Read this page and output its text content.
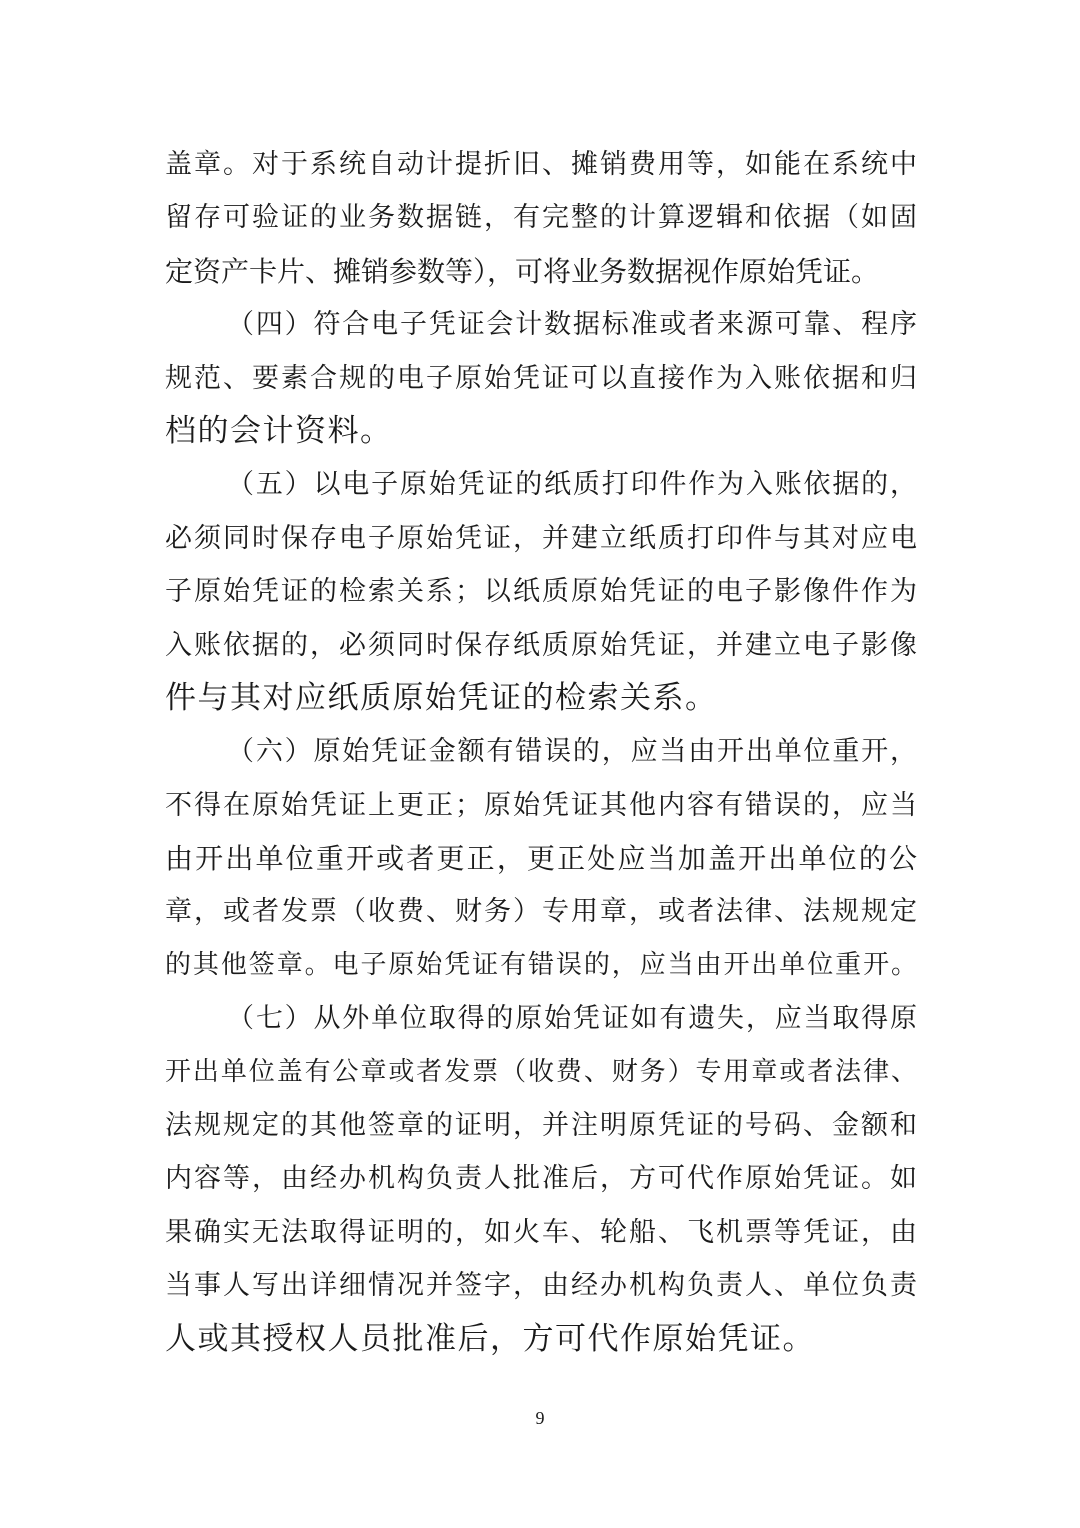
盖章。对于系统自动计提折旧、摊销费用等，如能在系统中
留存可验证的业务数据链，有完整的计算逻辑和依据（如固
定资产卡片、摊销参数等），可将业务数据视作原始凭证。
（四）符合电子凭证会计数据标准或者来源可靠、程序
规范、要素合规的电子原始凭证可以直接作为入账依据和归
档的会计资料。
（五）以电子原始凭证的纸质打印件作为入账依据的，
必须同时保存电子原始凭证，并建立纸质打印件与其对应电
子原始凭证的检索关系；以纸质原始凭证的电子影像件作为
入账依据的，必须同时保存纸质原始凭证，并建立电子影像
件与其对应纸质原始凭证的检索关系。
（六）原始凭证金额有错误的，应当由开出单位重开，
不得在原始凭证上更正；原始凭证其他内容有错误的，应当
由开出单位重开或者更正，更正处应当加盖开出单位的公
章，或者发票（收费、财务）专用章，或者法律、法规规定
的其他签章。电子原始凭证有错误的，应当由开出单位重开。
（七）从外单位取得的原始凭证如有遗失，应当取得原
开出单位盖有公章或者发票（收费、财务）专用章或者法律、
法规规定的其他签章的证明，并注明原凭证的号码、金额和
内容等，由经办机构负责人批准后，方可代作原始凭证。如
果确实无法取得证明的，如火车、轮船、飞机票等凭证，由
当事人写出详细情况并签字，由经办机构负责人、单位负责
人或其授权人员批准后，方可代作原始凭证。
9
